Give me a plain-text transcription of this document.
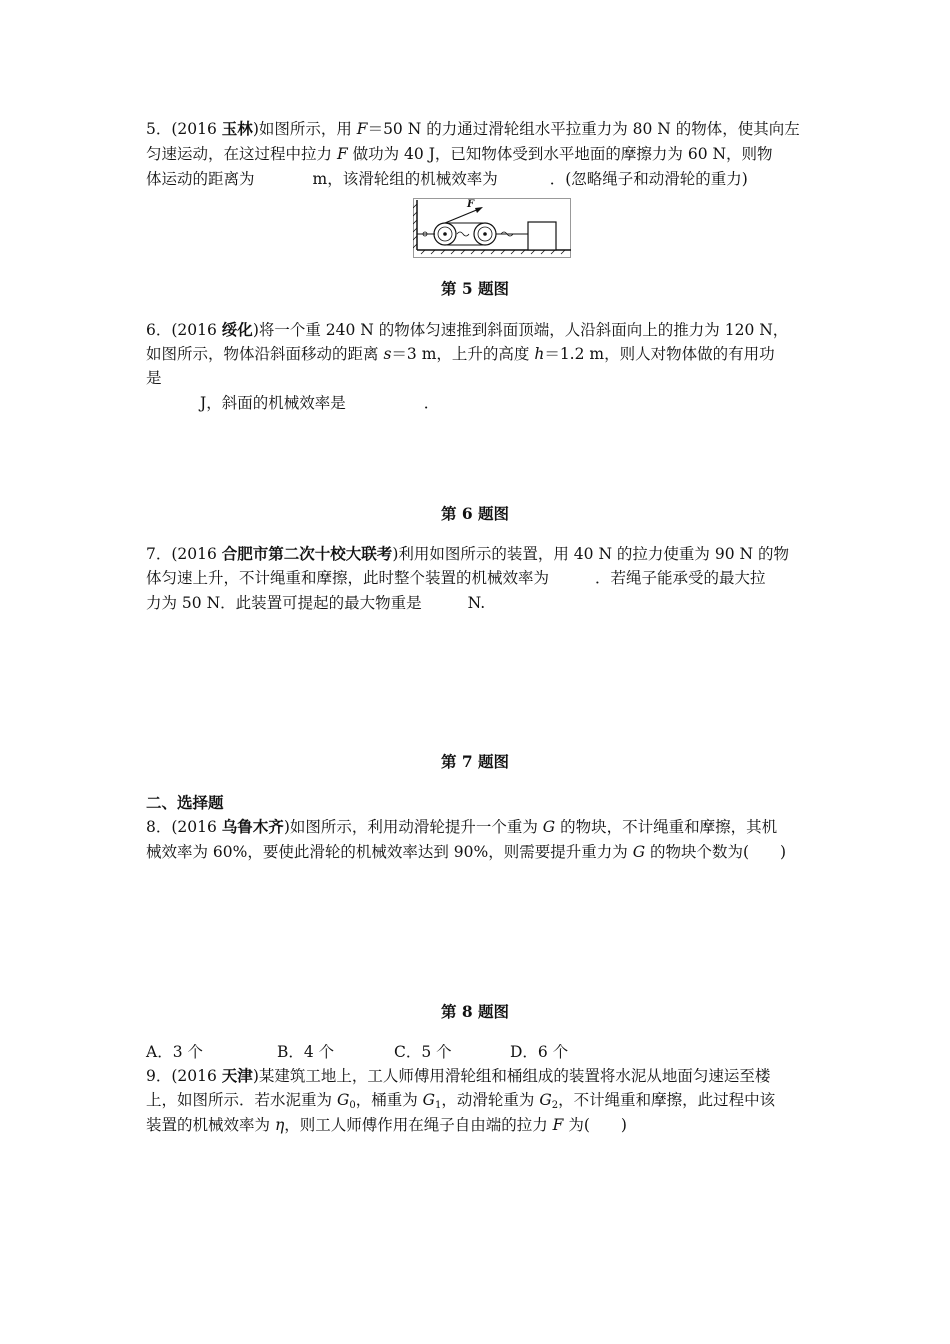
5．(2016 玉林)如图所示，用 F＝50 N 的力通过滑轮组水平拉重力为 80 N 的物体，使其向左
匀速运动，在这过程中拉力 F 做功为 40 J，已知物体受到水平地面的摩擦力为 60 N，则物
体运动的距离为	m，该滑轮组的机械效率为	．(忽略绳子和动滑轮的重力)
F
第 5 题图
6．(2016 绥化)将一个重 240 N 的物体匀速推到斜面顶端，人沿斜面向上的推力为 120 N，
如图所示，物体沿斜面移动的距离 s＝3 m，上升的高度 h＝1.2 m，则人对物体做的有用功
是
J，斜面的机械效率是	．
第 6 题图
7．(2016 合肥市第二次十校大联考)利用如图所示的装置，用 40 N 的拉力使重为 90 N 的物
体匀速上升，不计绳重和摩擦，此时整个装置的机械效率为	．若绳子能承受的最大拉
力为 50 N．此装置可提起的最大物重是	N.
第 7 题图
二、选择题
8．(2016 乌鲁木齐)如图所示，利用动滑轮提升一个重为 G 的物块，不计绳重和摩擦，其机
械效率为 60%，要使此滑轮的机械效率达到 90%，则需要提升重力为 G 的物块个数为(　　)
第 8 题图
A．3 个	B．4 个	C．5 个	D．6 个
9．(2016 天津)某建筑工地上，工人师傅用滑轮组和桶组成的装置将水泥从地面匀速运至楼
上，如图所示．若水泥重为 $G_0$，桶重为 $G_1$，动滑轮重为 $G_2$，不计绳重和摩擦，此过程中该
装置的机械效率为 η，则工人师傅作用在绳子自由端的拉力 F 为(　　)
